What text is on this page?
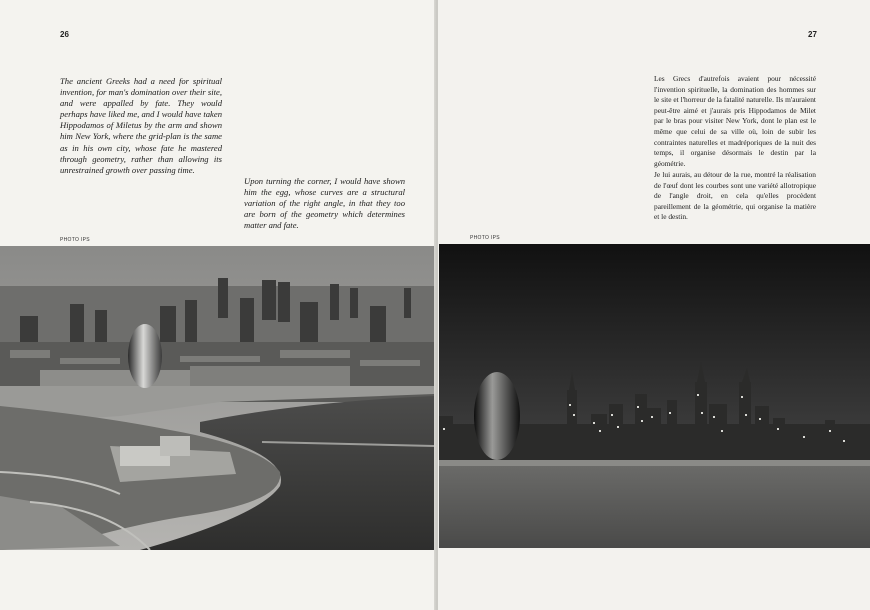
26

The ancient Greeks had a need for spiritual invention, for man's domination over their site, and were appalled by fate. They would perhaps have liked me, and I would have taken Hippodamos of Miletus by the arm and shown him New York, where the grid-plan is the same as in his own city, whose fate he mastered through geometry, rather than allowing its unrestrained growth over passing time.

Upon turning the corner, I would have shown him the egg, whose curves are a structural variation of the right angle, in that they too are born of the geometry which determines matter and fate.

PHOTO IPS
27

Les Grecs d'autrefois avaient pour nécessité l'invention spirituelle, la domination des hommes sur le site et l'horreur de la fatalité naturelle. Ils m'auraient peut-être aimé et j'aurais pris Hippodamos de Milet par le bras pour visiter New York, dont le plan est le même que celui de sa ville où, loin de subir les contraintes naturelles et madréporiques de la nuit des temps, il organise désormais le destin par la géométrie.

Je lui aurais, au détour de la rue, montré la réalisation de l'œuf dont les courbes sont une variété allotropique de l'angle droit, en cela qu'elles procèdent pareillement de la géométrie, qui organise la matière et le destin.

PHOTO IPS
